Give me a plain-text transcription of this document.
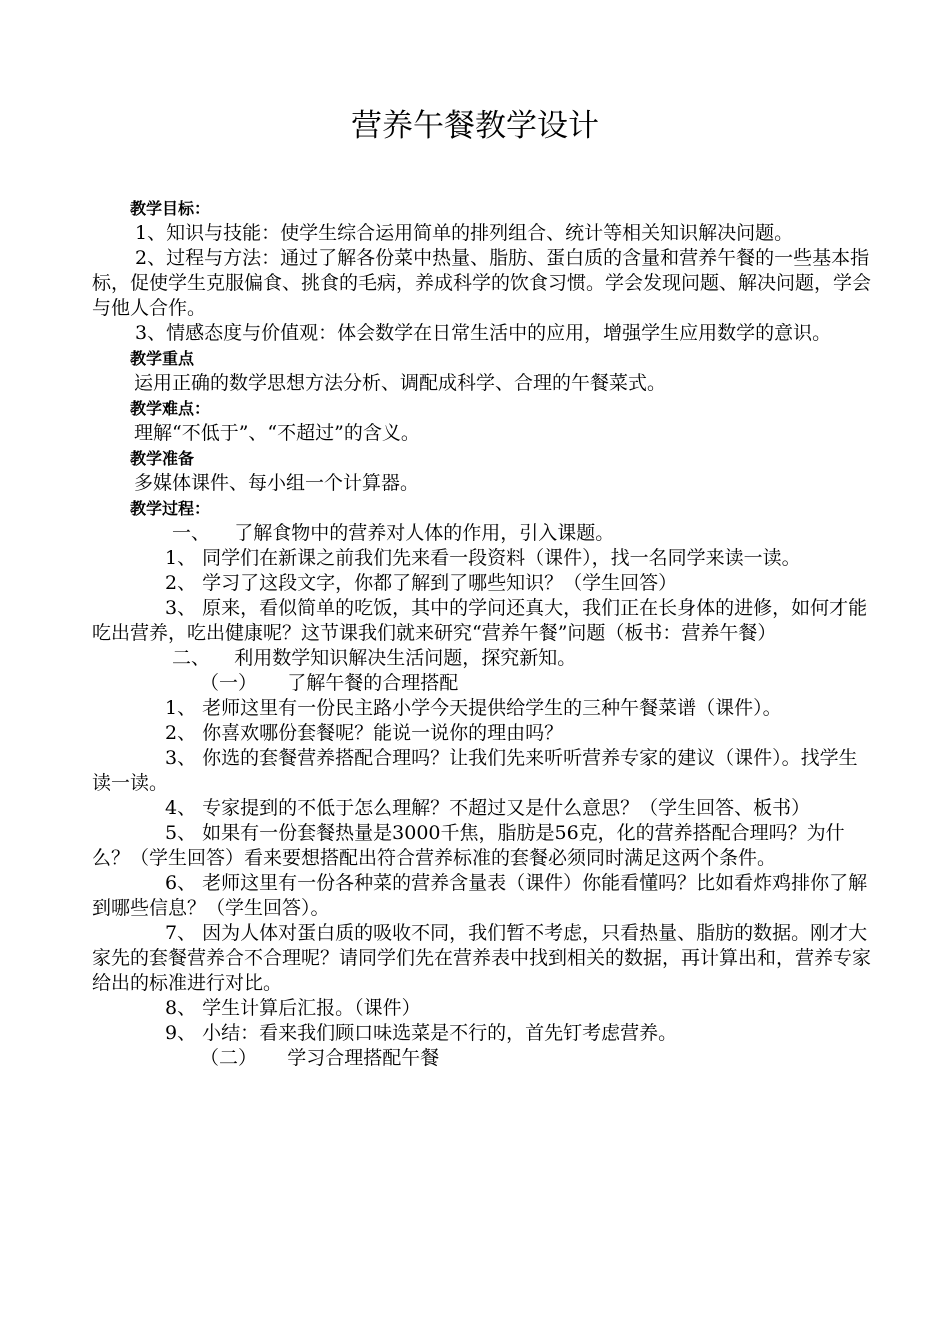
营养午餐教学设计

教学目标：

1、知识与技能：使学生综合运用简单的排列组合、统计等相关知识解决问题。

2、过程与方法：通过了解各份菜中热量、脂肪、蛋白质的含量和营养午餐的一些基本指标，促使学生克服偏食、挑食的毛病，养成科学的饮食习惯。学会发现问题、解决问题，学会与他人合作。

3、情感态度与价值观：体会数学在日常生活中的应用，增强学生应用数学的意识。

教学重点

运用正确的数学思想方法分析、调配成科学、合理的午餐菜式。

教学难点：

理解“不低于”、“不超过”的含义。

教学准备

多媒体课件、每小组一个计算器。

教学过程：

一、 了解食物中的营养对人体的作用，引入课题。

1、 同学们在新课之前我们先来看一段资料（课件），找一名同学来读一读。

2、 学习了这段文字，你都了解到了哪些知识？（学生回答）

3、 原来，看似简单的吃饭，其中的学问还真大，我们正在长身体的进修，如何才能吃出营养，吃出健康呢？这节课我们就来研究“营养午餐”问题（板书：营养午餐）

二、 利用数学知识解决生活问题，探究新知。

（一） 了解午餐的合理搭配

1、 老师这里有一份民主路小学今天提供给学生的三种午餐菜谱（课件）。

2、 你喜欢哪份套餐呢？能说一说你的理由吗？

3、 你选的套餐营养搭配合理吗？让我们先来听听营养专家的建议（课件）。找学生读一读。

4、 专家提到的不低于怎么理解？不超过又是什么意思？（学生回答、板书）

5、 如果有一份套餐热量是3000千焦，脂肪是56克，化的营养搭配合理吗？为什么？（学生回答）看来要想搭配出符合营养标准的套餐必须同时满足这两个条件。

6、 老师这里有一份各种菜的营养含量表（课件）你能看懂吗？比如看炸鸡排你了解到哪些信息？（学生回答）。

7、 因为人体对蛋白质的吸收不同，我们暂不考虑，只看热量、脂肪的数据。刚才大家先的套餐营养合不合理呢？请同学们先在营养表中找到相关的数据，再计算出和，营养专家给出的标准进行对比。

8、 学生计算后汇报。（课件）

9、 小结：看来我们顾口味选菜是不行的，首先钉考虑营养。

（二） 学习合理搭配午餐
